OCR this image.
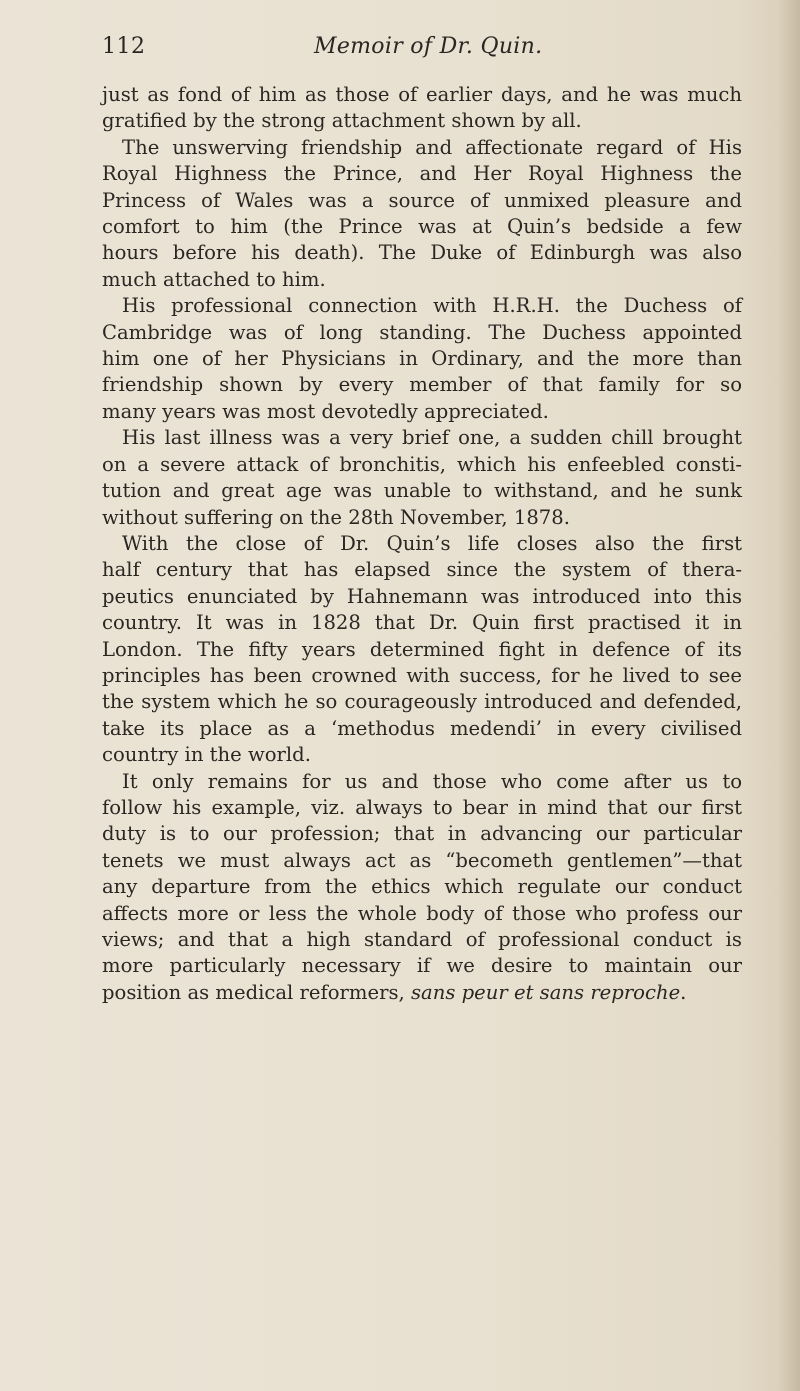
112	Memoir of Dr. Quin.
just as fond of him as those of earlier days, and he was much
gratified by the strong attachment shown by all.
The unswerving friendship and affectionate regard of His
Royal Highness the Prince, and Her Royal Highness the
Princess of Wales was a source of unmixed pleasure and
comfort to him (the Prince was at Quin’s bedside a few
hours before his death). The Duke of Edinburgh was also
much attached to him.
His professional connection with H.R.H. the Duchess of
Cambridge was of long standing. The Duchess appointed
him one of her Physicians in Ordinary, and the more than
friendship shown by every member of that family for so
many years was most devotedly appreciated.
His last illness was a very brief one, a sudden chill brought
on a severe attack of bronchitis, which his enfeebled consti-
tution and great age was unable to withstand, and he sunk
without suffering on the 28th November, 1878.
With the close of Dr. Quin’s life closes also the first
half century that has elapsed since the system of thera-
peutics enunciated by Hahnemann was introduced into this
country. It was in 1828 that Dr. Quin first practised it in
London. The fifty years determined fight in defence of its
principles has been crowned with success, for he lived to see
the system which he so courageously introduced and defended,
take its place as a ‘methodus medendi’ in every civilised
country in the world.
It only remains for us and those who come after us to
follow his example, viz. always to bear in mind that our first
duty is to our profession; that in advancing our particular
tenets we must always act as “becometh gentlemen”—that
any departure from the ethics which regulate our conduct
affects more or less the whole body of those who profess our
views; and that a high standard of professional conduct is
more particularly necessary if we desire to maintain our
position as medical reformers, sans peur et sans reproche.
